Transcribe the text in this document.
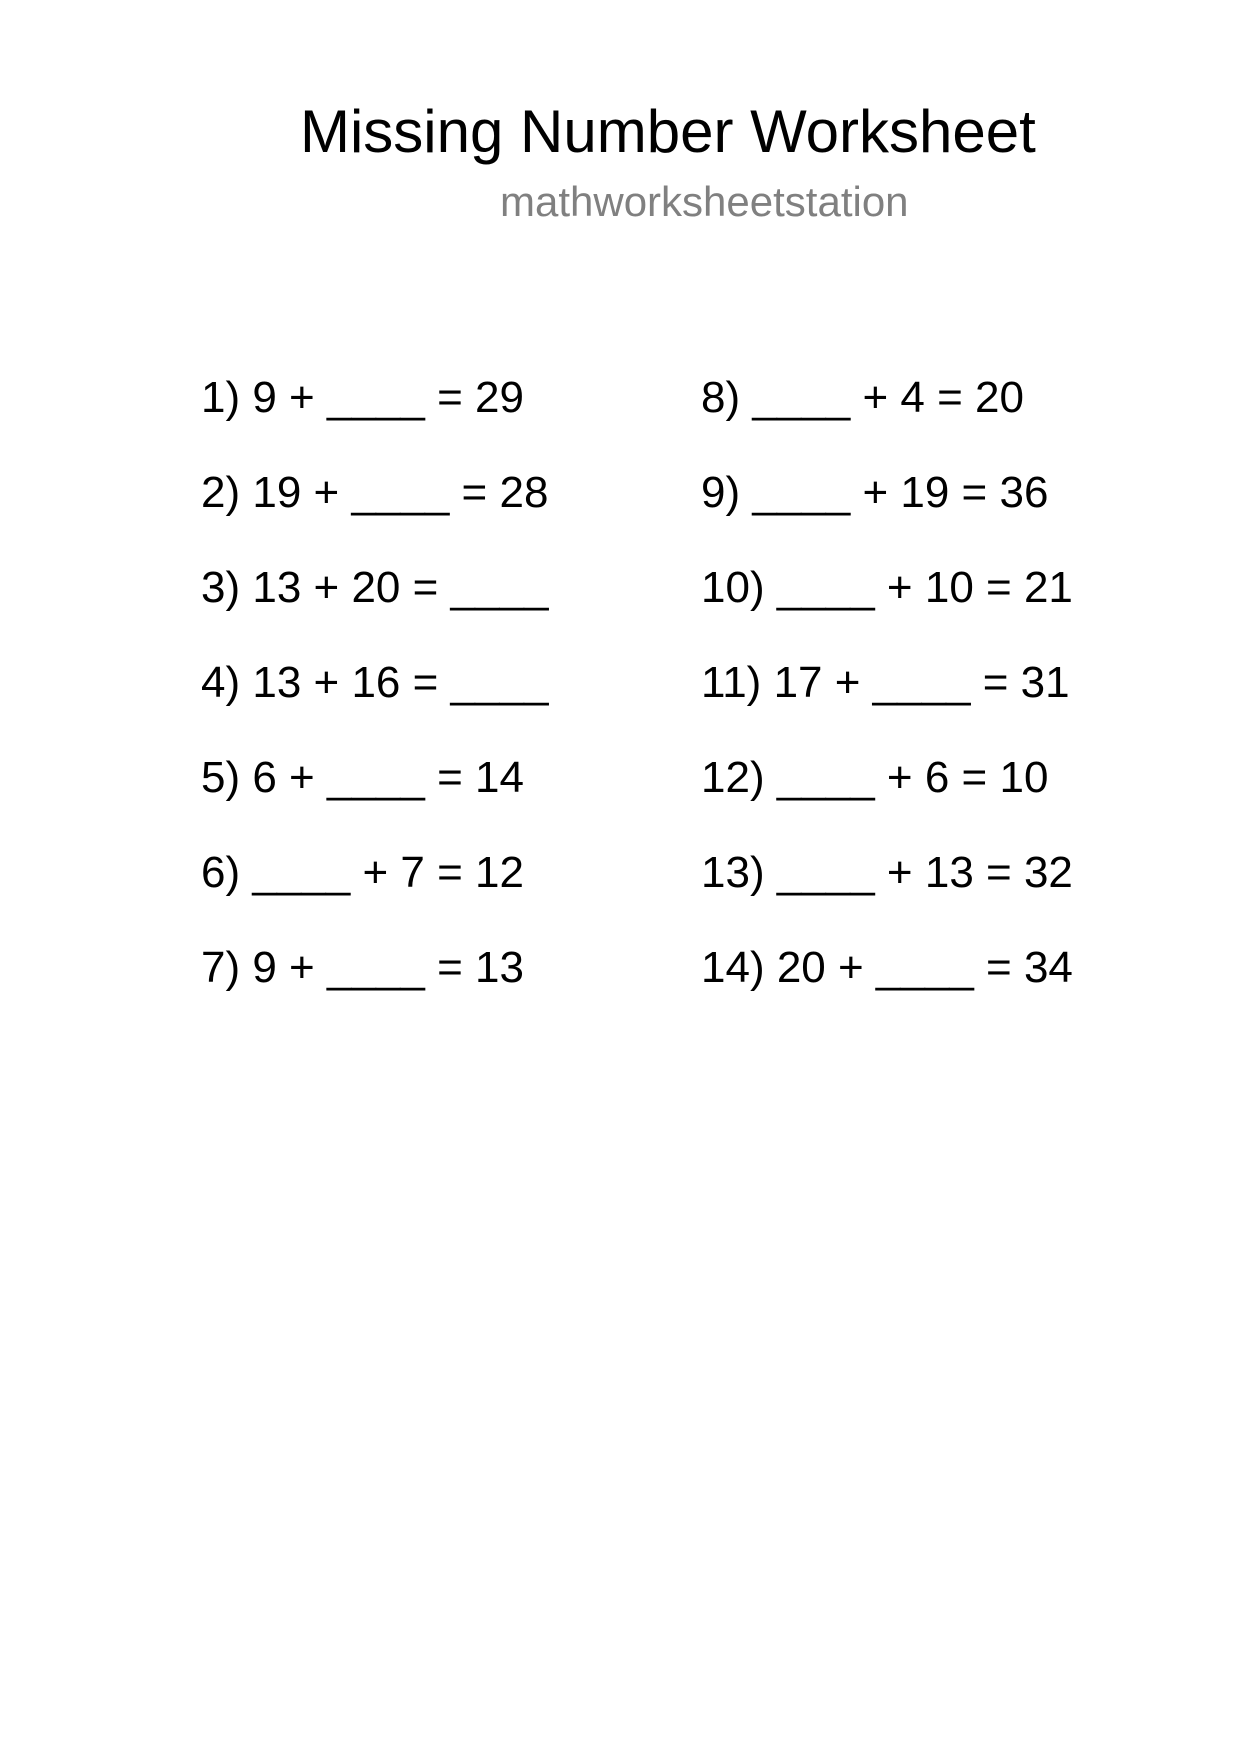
Missing Number Worksheet
mathworksheetstation
1) 9 + ____ = 29
2) 19 + ____ = 28
3) 13 + 20 = ____
4) 13 + 16 = ____
5) 6 + ____ = 14
6) ____ + 7 = 12
7) 9 + ____ = 13
8) ____ + 4 = 20
9) ____ + 19 = 36
10) ____ + 10 = 21
11) 17 + ____ = 31
12) ____ + 6 = 10
13) ____ + 13 = 32
14) 20 + ____ = 34
